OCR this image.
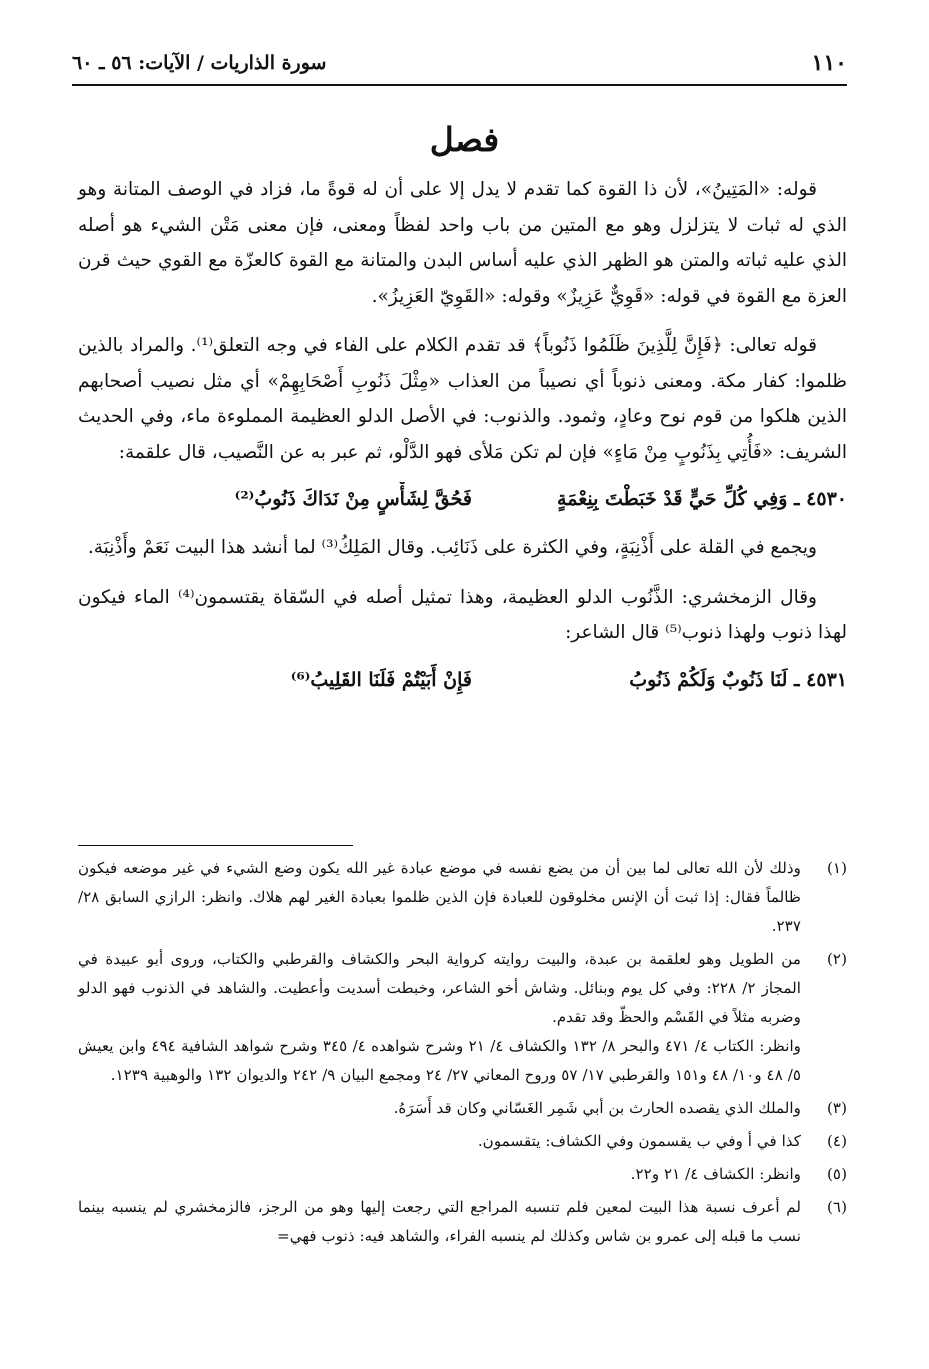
١١٠
سورة الذاريات / الآيات: ٥٦ ـ ٦٠
فصل

قوله: «المَتِينُ»، لأن ذا القوة كما تقدم لا يدل إلا على أن له قوةً ما، فزاد في الوصف المتانة وهو الذي له ثبات لا يتزلزل وهو مع المتين من باب واحد لفظاً ومعنى، فإن معنى مَتْن الشيء هو أصله الذي عليه ثباته والمتن هو الظهر الذي عليه أساس البدن والمتانة مع القوة كالعزّة مع القوي حيث قرن العزة مع القوة في قوله: «قَوِيٌّ عَزِيزٌ» وقوله: «القَوِيّ العَزِيزُ».

قوله تعالى: ﴿فَإِنَّ لِلَّذِينَ ظَلَمُوا ذَنُوباً﴾ قد تقدم الكلام على الفاء في وجه التعلق⁽¹⁾. والمراد بالذين ظلموا: كفار مكة. ومعنى ذنوباً أي نصيباً من العذاب «مِثْلَ ذَنُوبِ أَصْحَابِهِمْ» أي مثل نصيب أصحابهم الذين هلكوا من قوم نوح وعادٍ، وثمود. والذنوب: في الأصل الدلو العظيمة المملوءة ماء، وفي الحديث الشريف: «فَأُتِي بِذَنُوبٍ مِنْ مَاءٍ» فإن لم تكن مَلأى فهو الدَّلْو، ثم عبر به عن النَّصيب، قال علقمة:

٤٥٣٠ ـ وَفِي كُلِّ حَيٍّ قَدْ خَبَطْتَ بِنِعْمَةٍفَحُقَّ لِشَأْسٍ مِنْ نَدَاكَ ذَنُوبُ⁽²⁾

ويجمع في القلة على أَذْنِبَةٍ، وفي الكثرة على ذَنَائِب. وقال المَلِكُ⁽³⁾ لما أنشد هذا البيت نَعَمْ وأَذْنِبَة.

وقال الزمخشري: الذَّنُوب الدلو العظيمة، وهذا تمثيل أصله في السّقاة يقتسمون⁽⁴⁾ الماء فيكون لهذا ذنوب ولهذا ذنوب⁽⁵⁾ قال الشاعر:

٤٥٣١ ـ لَنَا ذَنُوبٌ وَلَكُمْ ذَنُوبُفَإِنْ أَبَيْتُمْ فَلَنَا القَلِيبُ⁽⁶⁾
(١)

وذلك لأن الله تعالى لما بين أن من يضع نفسه في موضع عبادة غير الله يكون وضع الشيء في غير موضعه فيكون ظالماً فقال: إذا ثبت أن الإنس مخلوقون للعبادة فإن الذين ظلموا بعبادة الغير لهم هلاك. وانظر: الرازي السابق ٢٨/ ٢٣٧.

(٢)

من الطويل وهو لعلقمة بن عبدة، والبيت روايته كرواية البحر والكشاف والقرطبي والكتاب، وروى أبو عبيدة في المجاز ٢/ ٢٢٨: وفي كل يوم وبنائل. وشاش أخو الشاعر، وخبطت أسديت وأعطيت. والشاهد في الذنوب فهو الدلو وضربه مثلاً في القَسْم والحظّ وقد تقدم.

وانظر: الكتاب ٤/ ٤٧١ والبحر ٨/ ١٣٢ والكشاف ٤/ ٢١ وشرح شواهده ٤/ ٣٤٥ وشرح شواهد الشافية ٤٩٤ وابن يعيش ٥/ ٤٨ و١٠/ ٤٨ و١٥١ والقرطبي ١٧/ ٥٧ وروح المعاني ٢٧/ ٢٤ ومجمع البيان ٩/ ٢٤٢ والديوان ١٣٢ والوهبية ١٢٣٩.

(٣)

والملك الذي يقصده الحارث بن أبي شَمِر الغَسّاني وكان قد أَسَرَهُ.

(٤)

كذا في أ وفي ب يقسمون وفي الكشاف: يتقسمون.

(٥)

وانظر: الكشاف ٤/ ٢١ و٢٢.

(٦)

لم أعرف نسبة هذا البيت لمعين فلم تنسبه المراجع التي رجعت إليها وهو من الرجز، فالزمخشري لم ينسبه بينما نسب ما قبله إلى عمرو بن شاس وكذلك لم ينسبه الفراء، والشاهد فيه: ذنوب فهي=
